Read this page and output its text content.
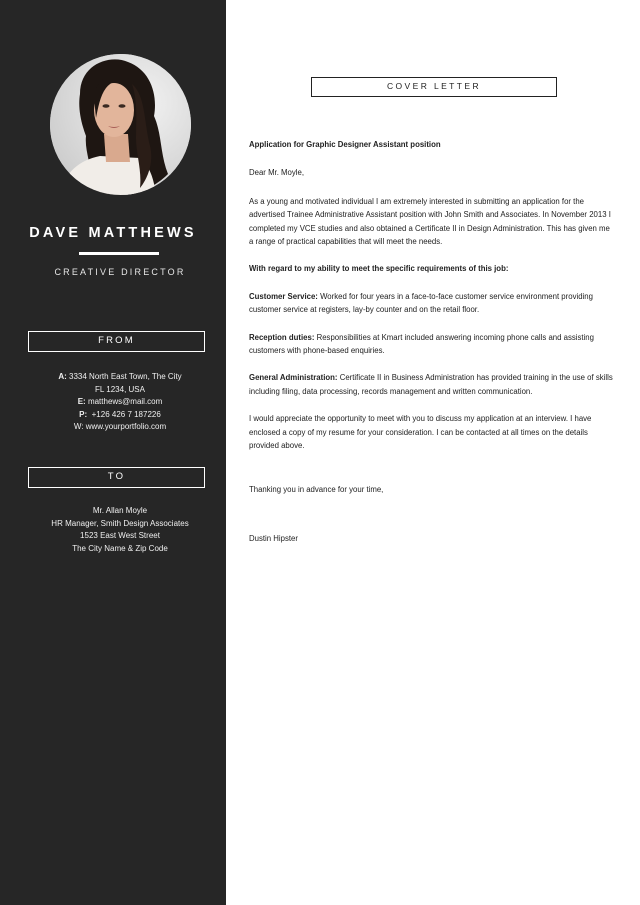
DAVE MATTHEWS
CREATIVE DIRECTOR
FROM
A: 3334 North East Town, The City
FL 1234, USA
E: matthews@mail.com
P: +126 426 7 187226
W: www.yourportfolio.com
TO
Mr. Allan Moyle
HR Manager, Smith Design Associates
1523 East West Street
The City Name & Zip Code
COVER LETTER

Application for Graphic Designer Assistant position

Dear Mr. Moyle,

As a young and motivated individual I am extremely interested in submitting an application for the advertised Trainee Administrative Assistant position with John Smith and Associates. In November 2013 I completed my VCE studies and also obtained a Certificate II in Design Administration. This has given me a range of practical capabilities that will meet the needs.

With regard to my ability to meet the specific requirements of this job:

Customer Service: Worked for four years in a face-to-face customer service environment providing customer service at registers, lay-by counter and on the retail floor.

Reception duties: Responsibilities at Kmart included answering incoming phone calls and assisting customers with phone-based enquiries.

General Administration: Certificate II in Business Administration has provided training in the use of skills including filing, data processing, records management and written communication.

I would appreciate the opportunity to meet with you to discuss my application at an interview. I have enclosed a copy of my resume for your consideration. I can be contacted at all times on the details provided above.

Thanking you in advance for your time,

Dustin Hipster
